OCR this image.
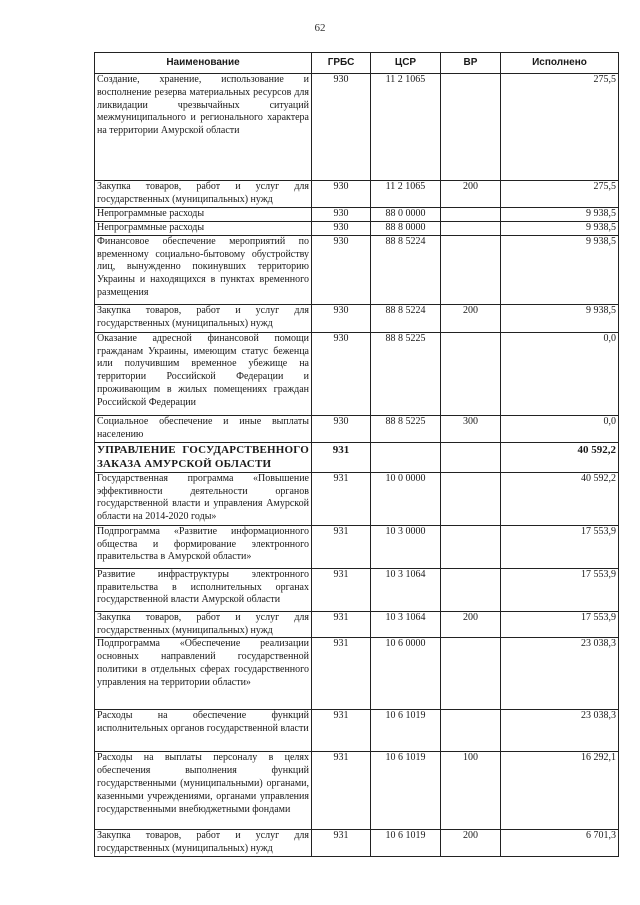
62
Наименование	ГРБС	ЦСР	ВР	Исполнено
Создание, хранение, использование и восполнение резерва материальных ресурсов для ликвидации чрезвычайных ситуаций межмуниципального и регионального характера на территории Амурской области	930	11 2 1065		275,5
Закупка товаров, работ и услуг для государственных (муниципальных) нужд	930	11 2 1065	200	275,5
Непрограммные расходы	930	88 0 0000		9 938,5
Непрограммные расходы	930	88 8 0000		9 938,5
Финансовое обеспечение мероприятий по временному социально-бытовому обустройству лиц, вынужденно покинувших территорию Украины и находящихся в пунктах временного размещения	930	88 8 5224		9 938,5
Закупка товаров, работ и услуг для государственных (муниципальных) нужд	930	88 8 5224	200	9 938,5
Оказание адресной финансовой помощи гражданам Украины, имеющим статус беженца или получившим временное убежище на территории Российской Федерации и проживающим в жилых помещениях граждан Российской Федерации	930	88 8 5225		0,0
Социальное обеспечение и иные выплаты населению	930	88 8 5225	300	0,0
УПРАВЛЕНИЕ ГОСУДАРСТВЕННОГО ЗАКАЗА АМУРСКОЙ ОБЛАСТИ	931			40 592,2
Государственная программа «Повышение эффективности деятельности органов государственной власти и управления Амурской области на 2014-2020 годы»	931	10 0 0000		40 592,2
Подпрограмма «Развитие информационного общества и формирование электронного правительства в Амурской области»	931	10 3 0000		17 553,9
Развитие инфраструктуры электронного правительства в исполнительных органах государственной власти Амурской области	931	10 3 1064		17 553,9
Закупка товаров, работ и услуг для государственных (муниципальных) нужд	931	10 3 1064	200	17 553,9
Подпрограмма «Обеспечение реализации основных направлений государственной политики в отдельных сферах государственного управления на территории области»	931	10 6 0000		23 038,3
Расходы на обеспечение функций исполнительных органов государственной власти	931	10 6 1019		23 038,3
Расходы на выплаты персоналу в целях обеспечения выполнения функций государственными (муниципальными) органами, казенными учреждениями, органами управления государственными внебюджетными фондами	931	10 6 1019	100	16 292,1
Закупка товаров, работ и услуг для государственных (муниципальных) нужд	931	10 6 1019	200	6 701,3
